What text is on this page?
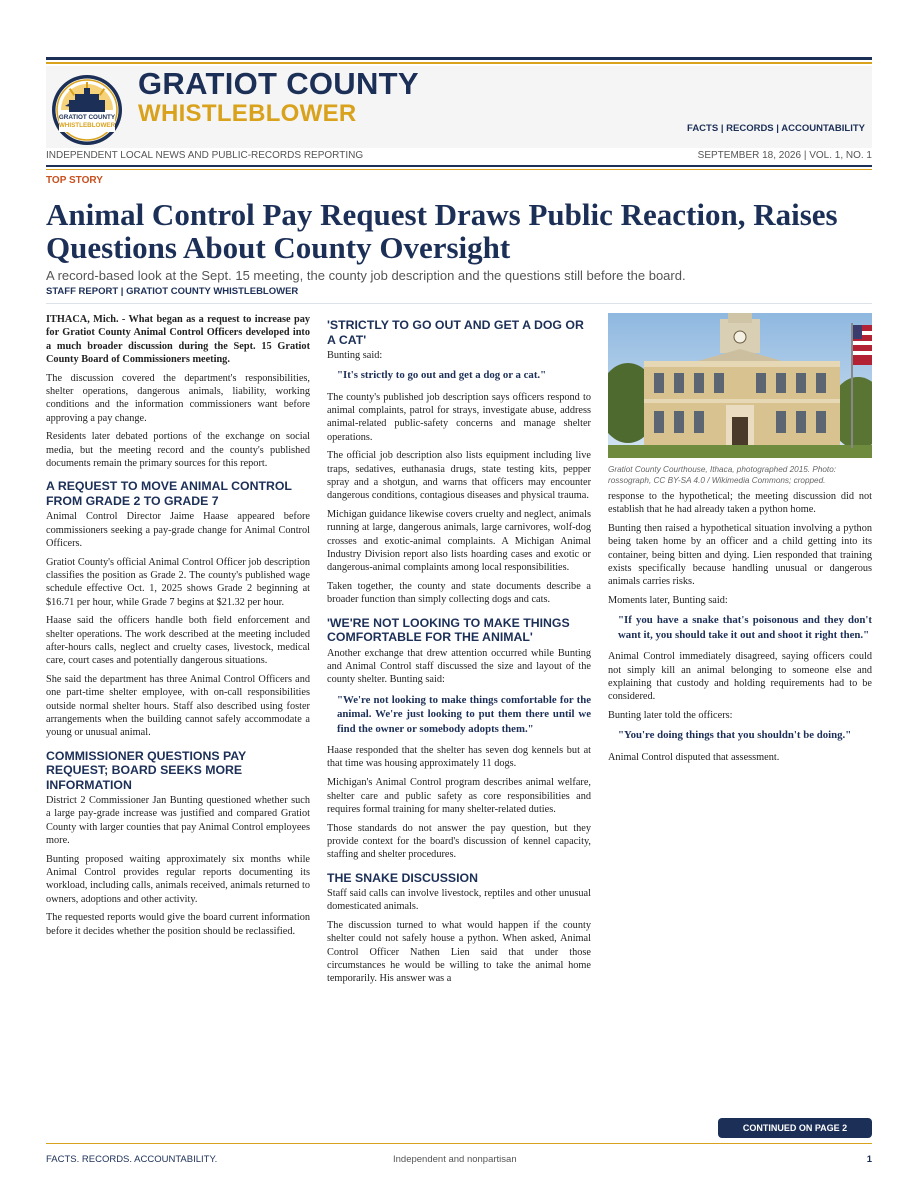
GRATIOT COUNTY
WHISTLEBLOWER
GRATIOT COUNTY
WHISTLEBLOWER
FACTS | RECORDS | ACCOUNTABILITY
INDEPENDENT LOCAL NEWS AND PUBLIC-RECORDS REPORTING	SEPTEMBER 18, 2026 | VOL. 1, NO. 1
TOP STORY
Animal Control Pay Request Draws Public Reaction, Raises Questions About County Oversight
A record-based look at the Sept. 15 meeting, the county job description and the questions still before the board.
STAFF REPORT | GRATIOT COUNTY WHISTLEBLOWER

ITHACA, Mich. - What began as a request to increase pay for Gratiot County Animal Control Officers developed into a much broader discussion during the Sept. 15 Gratiot County Board of Commissioners meeting.

The discussion covered the department's responsibilities, shelter operations, dangerous animals, liability, working conditions and the information commissioners want before approving a pay change.

Residents later debated portions of the exchange on social media, but the meeting record and the county's published documents remain the primary sources for this report.

A REQUEST TO MOVE ANIMAL CONTROL FROM GRADE 2 TO GRADE 7

Animal Control Director Jaime Haase appeared before commissioners seeking a pay-grade change for Animal Control Officers.

Gratiot County's official Animal Control Officer job description classifies the position as Grade 2. The county's published wage schedule effective Oct. 1, 2025 shows Grade 2 beginning at $16.71 per hour, while Grade 7 begins at $21.32 per hour.

Haase said the officers handle both field enforcement and shelter operations. The work described at the meeting included after-hours calls, neglect and cruelty cases, livestock, medical care, court cases and potentially dangerous situations.

She said the department has three Animal Control Officers and one part-time shelter employee, with on-call responsibilities outside normal shelter hours. Staff also described using foster arrangements when the building cannot safely accommodate a young or unusual animal.

COMMISSIONER QUESTIONS PAY REQUEST; BOARD SEEKS MORE INFORMATION

District 2 Commissioner Jan Bunting questioned whether such a large pay-grade increase was justified and compared Gratiot County with larger counties that pay Animal Control employees more.

Bunting proposed waiting approximately six months while Animal Control provides regular reports documenting its workload, including calls, animals received, animals returned to owners, adoptions and other activity.

The requested reports would give the board current information before it decides whether the position should be reclassified.

'STRICTLY TO GO OUT AND GET A DOG OR A CAT'

Bunting said:

"It's strictly to go out and get a dog or a cat."

The county's published job description says officers respond to animal complaints, patrol for strays, investigate abuse, address animal-related public-safety concerns and manage shelter operations.

The official job description also lists equipment including live traps, sedatives, euthanasia drugs, state testing kits, pepper spray and a shotgun, and warns that officers may encounter dangerous conditions, contagious diseases and physical trauma.

Michigan guidance likewise covers cruelty and neglect, animals running at large, dangerous animals, large carnivores, wolf-dog crosses and exotic-animal complaints. A Michigan Animal Industry Division report also lists hoarding cases and exotic or dangerous-animal complaints among local responsibilities.

Taken together, the county and state documents describe a broader function than simply collecting dogs and cats.

'WE'RE NOT LOOKING TO MAKE THINGS COMFORTABLE FOR THE ANIMAL'

Another exchange that drew attention occurred while Bunting and Animal Control staff discussed the size and layout of the county shelter. Bunting said:

"We're not looking to make things comfortable for the animal. We're just looking to put them there until we find the owner or somebody adopts them."

Haase responded that the shelter has seven dog kennels but at that time was housing approximately 11 dogs.

Michigan's Animal Control program describes animal welfare, shelter care and public safety as core responsibilities and requires formal training for many shelter-related duties.

Those standards do not answer the pay question, but they provide context for the board's discussion of kennel capacity, staffing and shelter procedures.

THE SNAKE DISCUSSION

Staff said calls can involve livestock, reptiles and other unusual domesticated animals.

The discussion turned to what would happen if the county shelter could not safely house a python. When asked, Animal Control Officer Nathen Lien said that under those circumstances he would be willing to take the animal home temporarily. His answer was a

Gratiot County Courthouse, Ithaca, photographed 2015. Photo: rossograph, CC BY-SA 4.0 / Wikimedia Commons; cropped.

response to the hypothetical; the meeting discussion did not establish that he had already taken a python home.

Bunting then raised a hypothetical situation involving a python being taken home by an officer and a child getting into its container, being bitten and dying. Lien responded that training exists specifically because handling unusual or dangerous animals carries risks.

Moments later, Bunting said:

"If you have a snake that's poisonous and they don't want it, you should take it out and shoot it right then."

Animal Control immediately disagreed, saying officers could not simply kill an animal belonging to someone else and explaining that custody and holding requirements had to be considered.

Bunting later told the officers:

"You're doing things that you shouldn't be doing."

Animal Control disputed that assessment.

CONTINUED ON PAGE 2
FACTS. RECORDS. ACCOUNTABILITY.	Independent and nonpartisan	1
